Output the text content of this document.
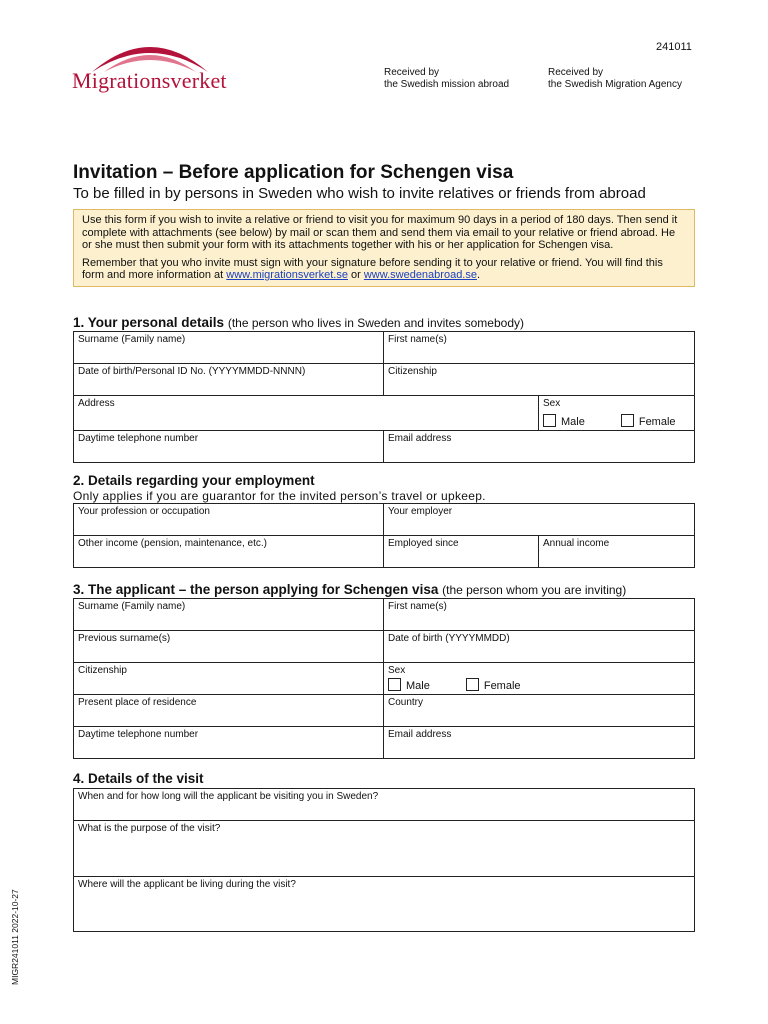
Migrationsverket
241011
Received by
the Swedish mission abroad
Received by
the Swedish Migration Agency
Invitation – Before application for Schengen visa
To be filled in by persons in Sweden who wish to invite relatives or friends from abroad

Use this form if you wish to invite a relative or friend to visit you for maximum 90 days in a period of 180 days. Then send it complete with attachments (see below) by mail or scan them and send them via email to your relative or friend abroad. He or she must then submit your form with its attachments together with his or her application for Schengen visa.

Remember that you who invite must sign with your signature before sending it to your relative or friend. You will find this form and more information at www.migrationsverket.se or www.swedenabroad.se.

1. Your personal details (the person who lives in Sweden and invites somebody)
Surname (Family name)	First name(s)	
Date of birth/Personal ID No. (YYYYMMDD-NNNN)	Citizenship	
Address		Sex
Male Female

Daytime telephone number	Email address	
2. Details regarding your employment
Only applies if you are guarantor for the invited person’s travel or upkeep.
Your profession or occupation	Your employer	
Other income (pension, maintenance, etc.)	Employed since	Annual income
3. The applicant – the person applying for Schengen visa (the person whom you are inviting)
Surname (Family name)	First name(s)
Previous surname(s)	Date of birth (YYYYMMDD)
Citizenship	Sex
Male Female

Present place of residence	Country
Daytime telephone number	Email address
4. Details of the visit
When and for how long will the applicant be visiting you in Sweden?
What is the purpose of the visit?
Where will the applicant be living during the visit?
MIGR241011 2022-10-27
